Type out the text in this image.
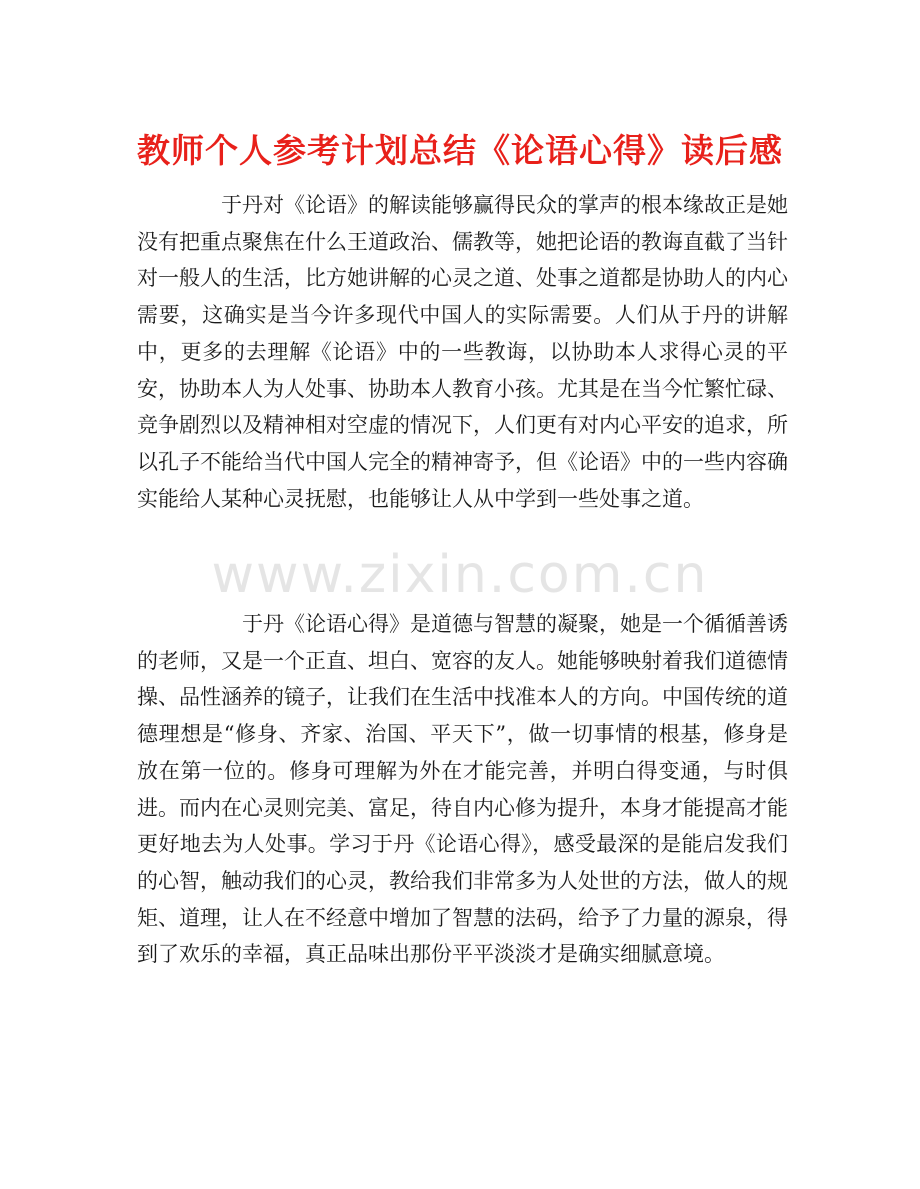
教师个人参考计划总结《论语心得》读后感
www.zixin.com.cn
于丹对《论语》的解读能够赢得民众的掌声的根本缘故正是她没有把重点聚焦在什么王道政治、儒教等，她把论语的教诲直截了当针对一般人的生活，比方她讲解的心灵之道、处事之道都是协助人的内心需要，这确实是当今许多现代中国人的实际需要。人们从于丹的讲解中，更多的去理解《论语》中的一些教诲，以协助本人求得心灵的平安，协助本人为人处事、协助本人教育小孩。尤其是在当今忙繁忙碌、竞争剧烈以及精神相对空虚的情况下，人们更有对内心平安的追求，所以孔子不能给当代中国人完全的精神寄予，但《论语》中的一些内容确实能给人某种心灵抚慰，也能够让人从中学到一些处事之道。
于丹《论语心得》是道德与智慧的凝聚，她是一个循循善诱的老师，又是一个正直、坦白、宽容的友人。她能够映射着我们道德情操、品性涵养的镜子，让我们在生活中找准本人的方向。中国传统的道德理想是“修身、齐家、治国、平天下”，做一切事情的根基，修身是放在第一位的。修身可理解为外在才能完善，并明白得变通，与时俱进。而内在心灵则完美、富足，待自内心修为提升，本身才能提高才能更好地去为人处事。学习于丹《论语心得》，感受最深的是能启发我们的心智，触动我们的心灵，教给我们非常多为人处世的方法，做人的规矩、道理，让人在不经意中增加了智慧的法码，给予了力量的源泉，得到了欢乐的幸福，真正品味出那份平平淡淡才是确实细腻意境。
